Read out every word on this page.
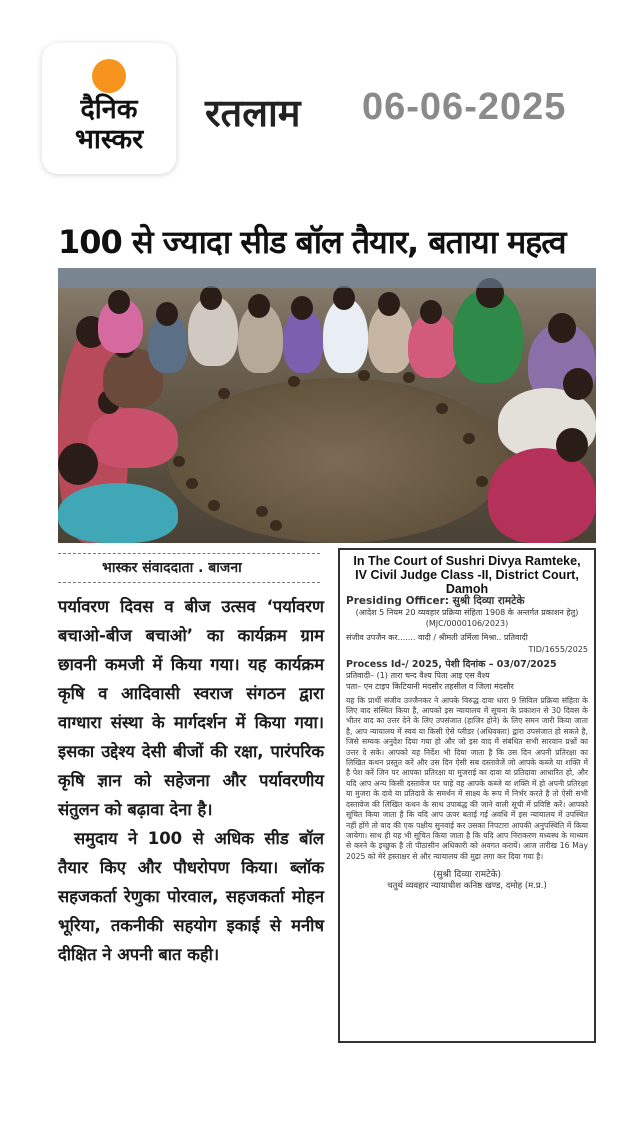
दैनिक
भास्कर
रतलाम 06-06-2025
100 से ज्यादा सीड बॉल तैयार, बताया महत्व
भास्कर संवाददाता . बाजना

पर्यावरण दिवस व बीज उत्सव ‘पर्यावरण बचाओ-बीज बचाओ’ का कार्यक्रम ग्राम छावनी कमजी में किया गया। यह कार्यक्रम कृषि व आदिवासी स्वराज संगठन द्वारा वाग्धारा संस्था के मार्गदर्शन में किया गया। इसका उद्देश्य देसी बीजों की रक्षा, पारंपरिक कृषि ज्ञान को सहेजना और पर्यावरणीय संतुलन को बढ़ावा देना है।

समुदाय ने 100 से अधिक सीड बॉल तैयार किए और पौधरोपण किया। ब्लॉक सहजकर्ता रेणुका पोरवाल, सहजकर्ता मोहन भूरिया, तकनीकी सहयोग इकाई से मनीष दीक्षित ने अपनी बात कही।

In The Court of Sushri Divya Ramteke, IV Civil Judge Class -II, District Court, Damoh
Presiding Officer: सुश्री दिव्या रामटेके
(आदेश 5 नियम 20 व्यवहार प्रक्रिया संहिता 1908 के अन्तर्गत प्रकाशन हेतु) (MJC/0000106/2023)
संजीव उपजैन कर....... वादी / श्रीमती उर्मिला मिश्रा.. प्रतिवादी
TID/1655/2025
Process Id-/ 2025, पेशी दिनांक – 03/07/2025
प्रतिवादी– (1) तारा चन्द वैश्य पिता आइ एस वैश्य
पता– एन टाइप किटियानी मंदसौर तहसील व जिला मंदसौर
यह कि प्रार्थी संजीव उज्जैनकर ने आपके विरुद्ध दावा धारा 9 सिविल प्रक्रिया संहिता के लिए वाद संस्थित किया है, आपको इस न्यायालय में सूचना के प्रकाशन से 30 दिवस के भीतर वाद का उत्तर देने के लिए उपसंजात (हाजिर होने) के लिए समन जारी किया जाता है, आप न्यायालय में स्वयं या किसी ऐसे प्लीडर (अधिवक्ता) द्वारा उपसंजात हो सकते है, जिसे सम्यक अनुदेश दिया गया हो और जो इस वाद में संबंधित सभी सारवान प्रश्नों का उत्तर दे सके। आपको यह निर्देश भी दिया जाता है कि उस दिन अपनी प्रतिरक्षा का लिखित कथन प्रस्तुत करें और उस दिन ऐसी सब दस्तावेजें जो आपके कब्जे या शक्ति में है पेश करें जिन पर आपका प्रतिरक्षा या मुजराई का दावा या प्रतिदावा आधारित हो, और यदि आप अन्य किसी दस्तावेज पर चाहे वह आपके कब्जे या शक्ति में हो अपनी प्रतिरक्षा या मुजरा के दावे या प्रतिदावे के समर्थन में साक्ष्य के रूप में निर्भर करते है तो ऐसी सभी दस्तावेज की लिखित कथन के साथ उपाबद्ध की जाने वाली सूची में प्रविष्टि करें। आपको सूचित किया जाता है कि यदि आप ऊपर बताई गई अवधि में इस न्यायालय में उपस्थित नहीं होंगे तो वाद की एक पक्षीय सुनवाई कर उसका निपटारा आपकी अनुपस्थिति में किया जायेगा। साथ ही यह भी सूचित किया जाता है कि यदि आप निराकरण मध्यस्थ के माध्यम से करने के इच्छुक है तो पीठासीन अधिकारी को अवगत करायें। आज तारीख 16 May 2025 को मेरे हस्ताक्षर से और न्यायालय की मुद्रा लगा कर दिया गया है।
(सुश्री दिव्या रामटेके)
चतुर्थ व्यवहार न्यायाधीश कनिष्ठ खण्ड, दमोह (म.प्र.)
